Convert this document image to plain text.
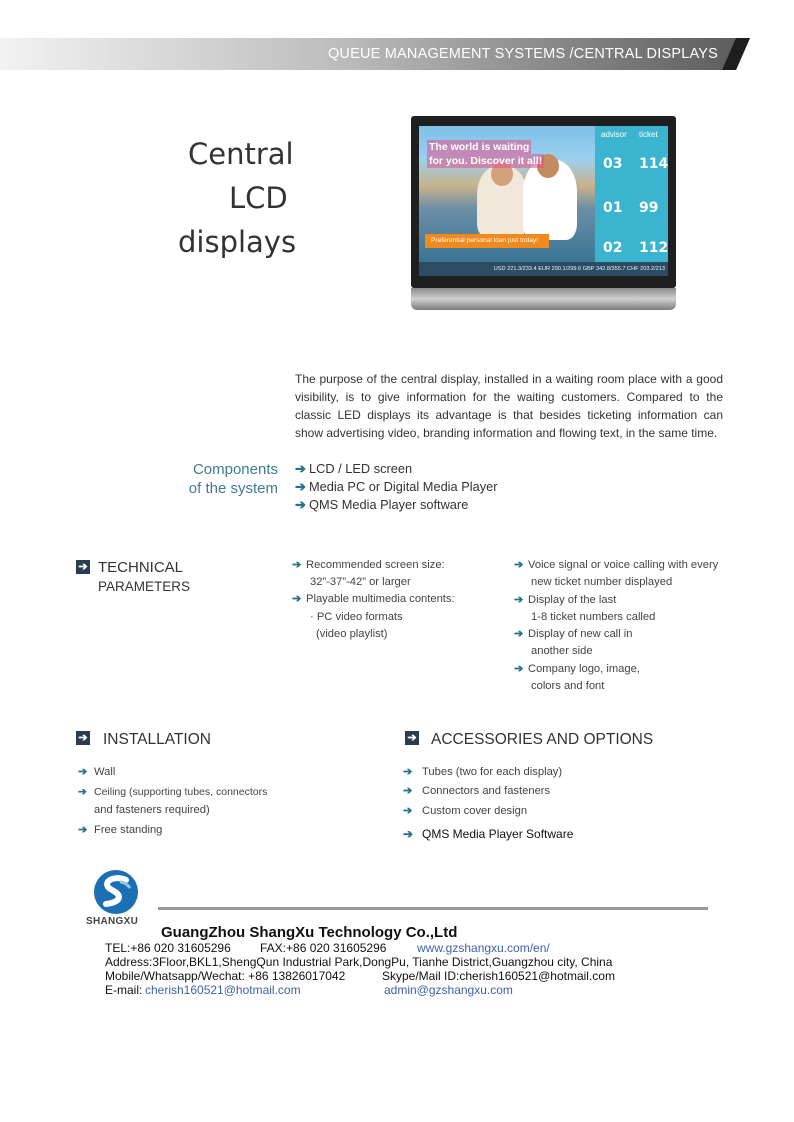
QUEUE MANAGEMENT SYSTEMS /CENTRAL DISPLAYS
Central
LCD
displays
The world is waiting
for you. Discover it all!
Preferential personal loan just today!
advisor ticket
03 114
01 99
02 112
USD 221.3/233.4 EUR 290.1/299.6 GBP 342.8/355.7 CHF 203.2/213
The purpose of the central display, installed in a waiting room place with a good visibility, is to give information for the waiting customers. Compared to the classic LED displays its advantage is that besides ticketing information can show advertising video, branding information and flowing text, in the same time.
Components
of the system
➔ LCD / LED screen
➔ Media PC or Digital Media Player
➔ QMS Media Player software
➔ TECHNICAL
PARAMETERS
➔ Recommended screen size:
32”-37”-42” or larger
➔ Playable multimedia contents:
· PC video formats
(video playlist)
➔ Voice signal or voice calling with every
new ticket number displayed
➔ Display of the last
1-8 ticket numbers called
➔ Display of new call in
another side
➔ Company logo, image,
colors and font
➔ INSTALLATION
➔ Wall
➔ Ceiling (supporting tubes, connectors
and fasteners required)
➔ Free standing
➔ ACCESSORIES AND OPTIONS
➔ Tubes (two for each display)
➔ Connectors and fasteners
➔ Custom cover design
➔ QMS Media Player Software
SHANGXU
GuangZhou ShangXu Technology Co.,Ltd
TEL:+86 020 31605296 FAX:+86 020 31605296	www.gzshangxu.com/en/
Address:3Floor,BKL1,ShengQun Industrial Park,DongPu, Tianhe District,Guangzhou city, China
Mobile/Whatsapp/Wechat: +86 13826017042	Skype/Mail ID:cherish160521@hotmail.com
E-mail: cherish160521@hotmail.com	admin@gzshangxu.com
